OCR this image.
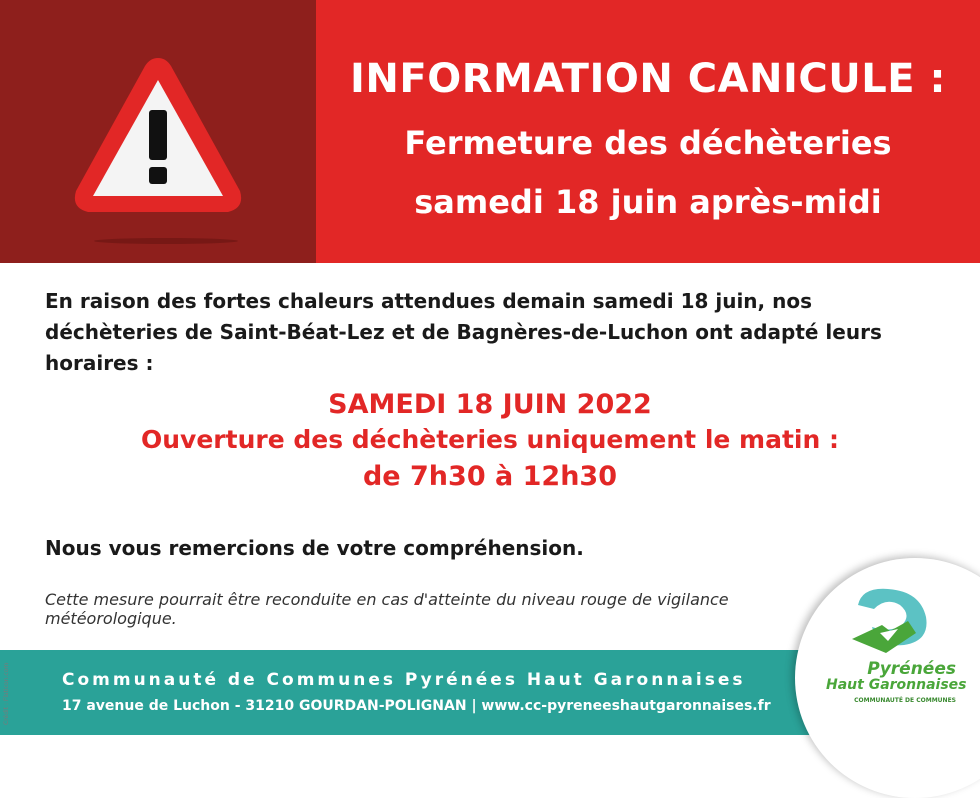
INFORMATION CANICULE :
Fermeture des déchèteries
samedi 18 juin après-midi
En raison des fortes chaleurs attendues demain samedi 18 juin, nos déchèteries de Saint-Béat-Lez et de Bagnères-de-Luchon ont adapté leurs horaires :
SAMEDI 18 JUIN 2022
Ouverture des déchèteries uniquement le matin :
de 7h30 à 12h30
Nous vous remercions de votre compréhension.
Cette mesure pourrait être reconduite en cas d'atteinte du niveau rouge de vigilance météorologique.
Communauté de Communes Pyrénées Haut Garonnaises
17 avenue de Luchon - 31210 GOURDAN-POLIGNAN | www.cc-pyreneeshautgaronnaises.fr
Crédit : Flaticon.com	Pyrénées
Haut Garonnaises
COMMUNAUTÉ DE COMMUNES
